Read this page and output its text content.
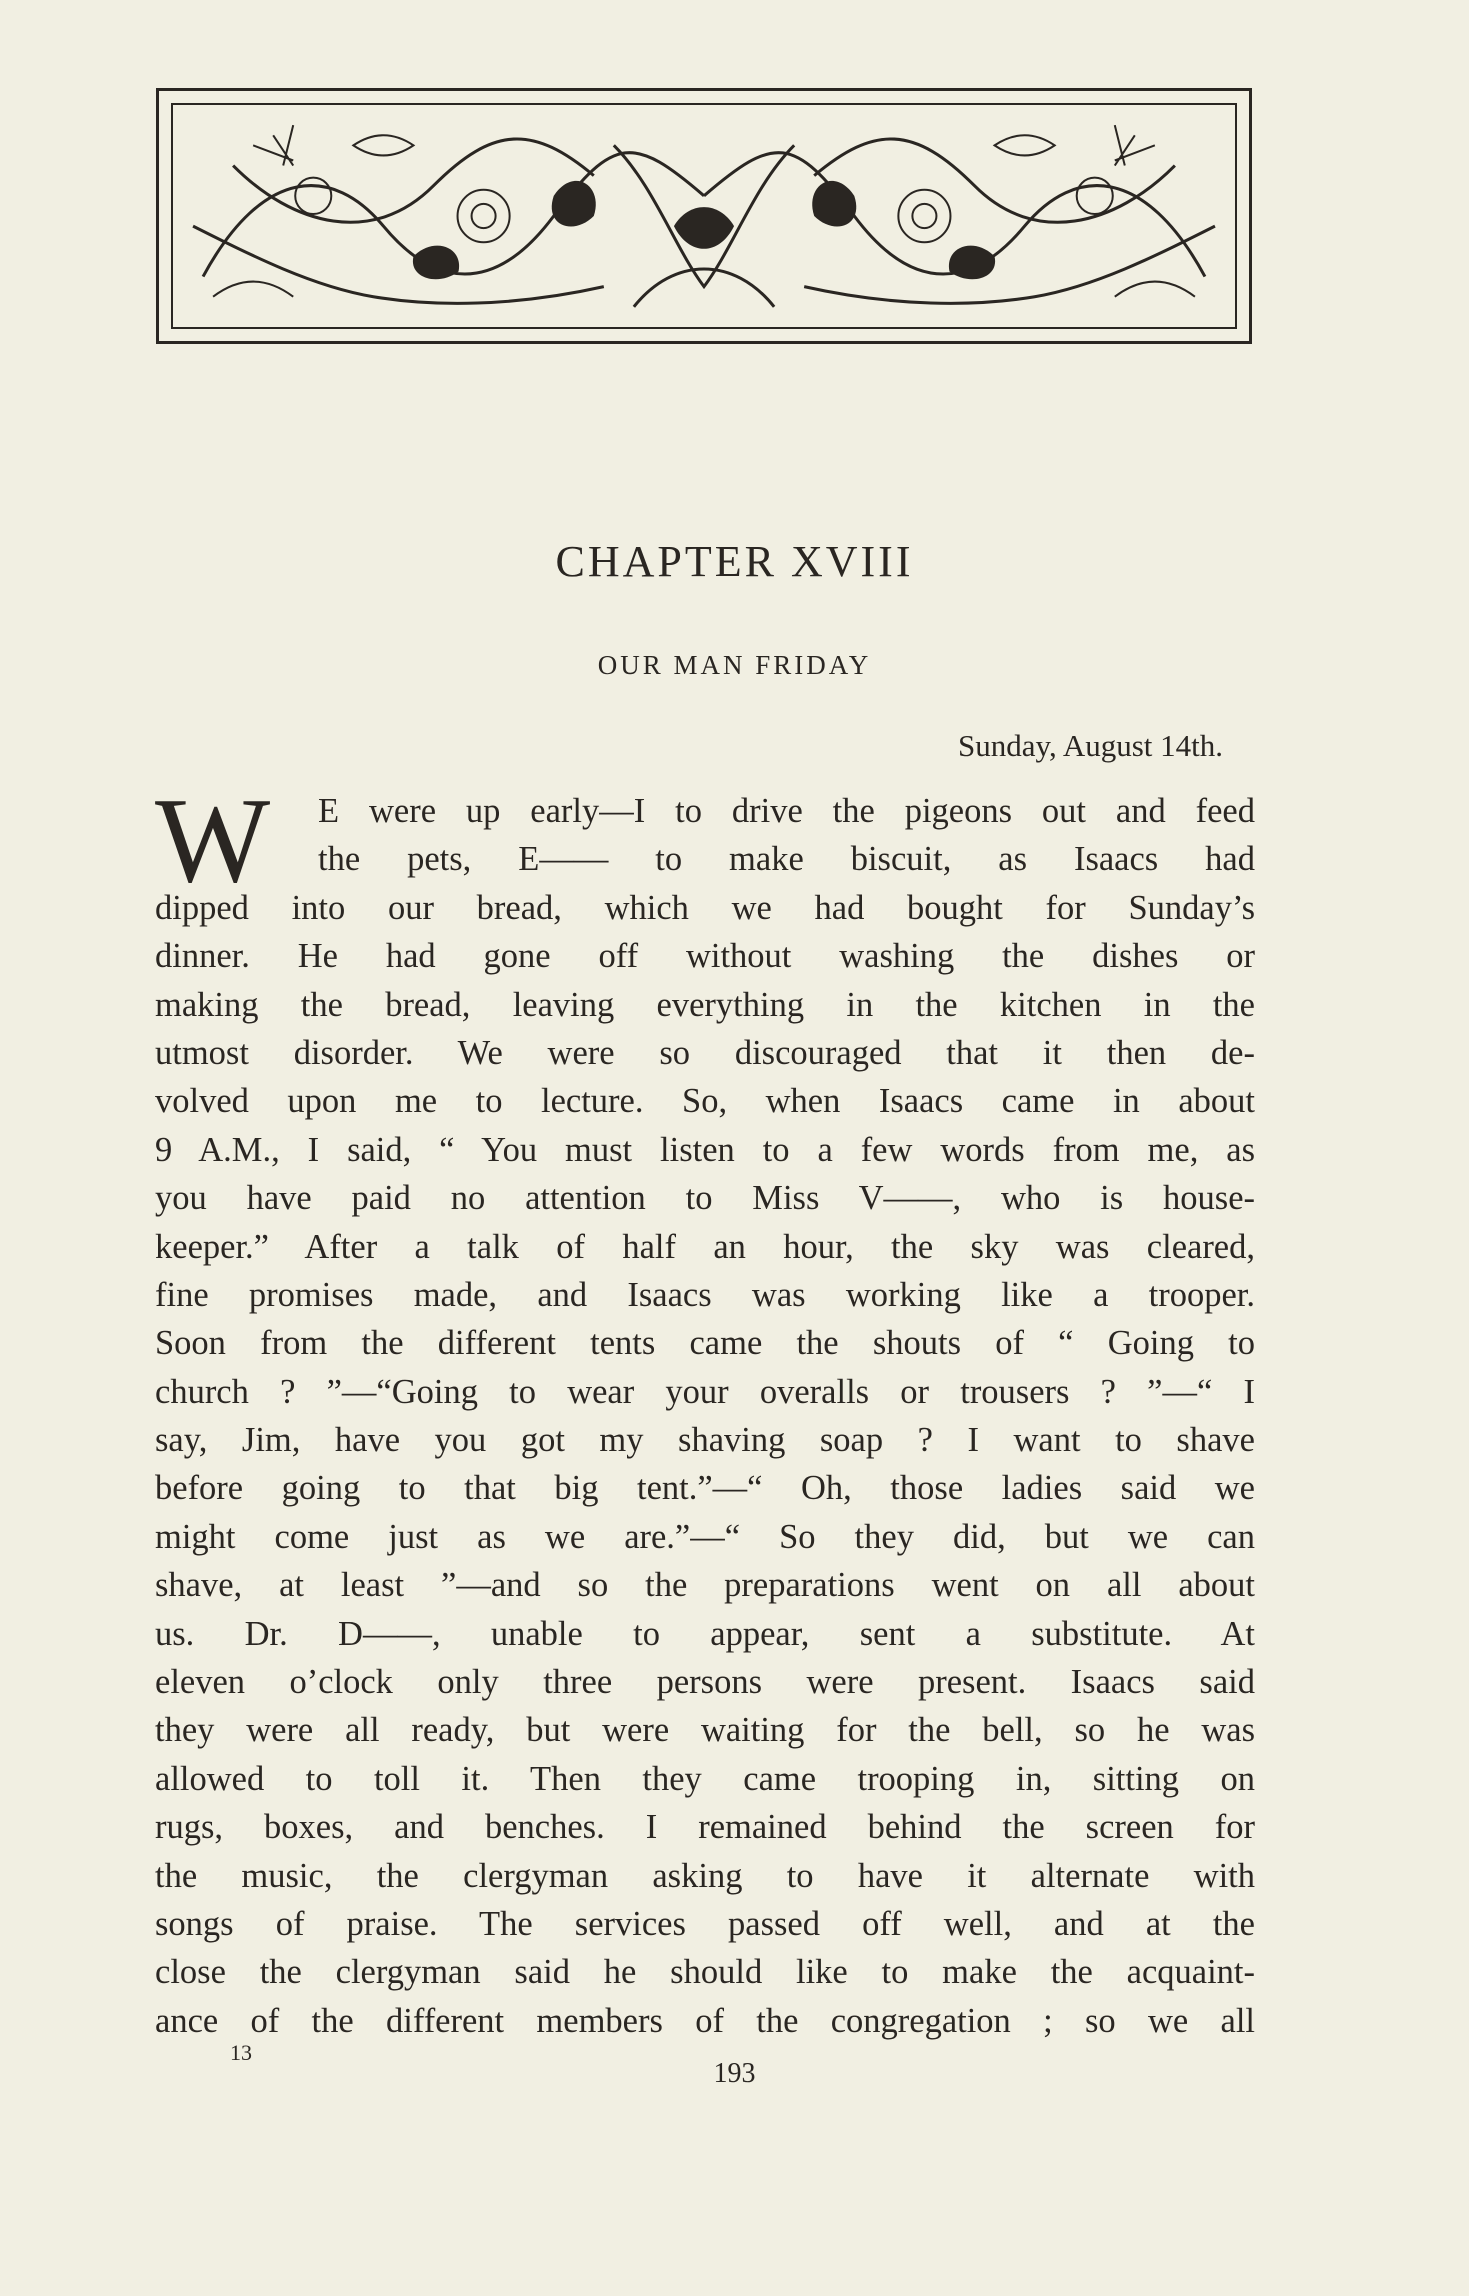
CHAPTER XVIII
OUR MAN FRIDAY
Sunday, August 14th.
W	E were up early—I to drive the pigeons out and feed
the pets, E—— to make biscuit, as Isaacs had
dipped into our bread, which we had bought for Sunday’s
dinner. He had gone off without washing the dishes or
making the bread, leaving everything in the kitchen in the
utmost disorder. We were so discouraged that it then de-
volved upon me to lecture. So, when Isaacs came in about
9 A.M., I said, “ You must listen to a few words from me, as
you have paid no attention to Miss V——, who is house-
keeper.” After a talk of half an hour, the sky was cleared,
fine promises made, and Isaacs was working like a trooper.
Soon from the different tents came the shouts of “ Going to
church ? ”—“Going to wear your overalls or trousers ? ”—“ I
say, Jim, have you got my shaving soap ? I want to shave
before going to that big tent.”—“ Oh, those ladies said we
might come just as we are.”—“ So they did, but we can
shave, at least ”—and so the preparations went on all about
us. Dr. D——, unable to appear, sent a substitute. At
eleven o’clock only three persons were present. Isaacs said
they were all ready, but were waiting for the bell, so he was
allowed to toll it. Then they came trooping in, sitting on
rugs, boxes, and benches. I remained behind the screen for
the music, the clergyman asking to have it alternate with
songs of praise. The services passed off well, and at the
close the clergyman said he should like to make the acquaint-
ance of the different members of the congregation ; so we all
13
193
